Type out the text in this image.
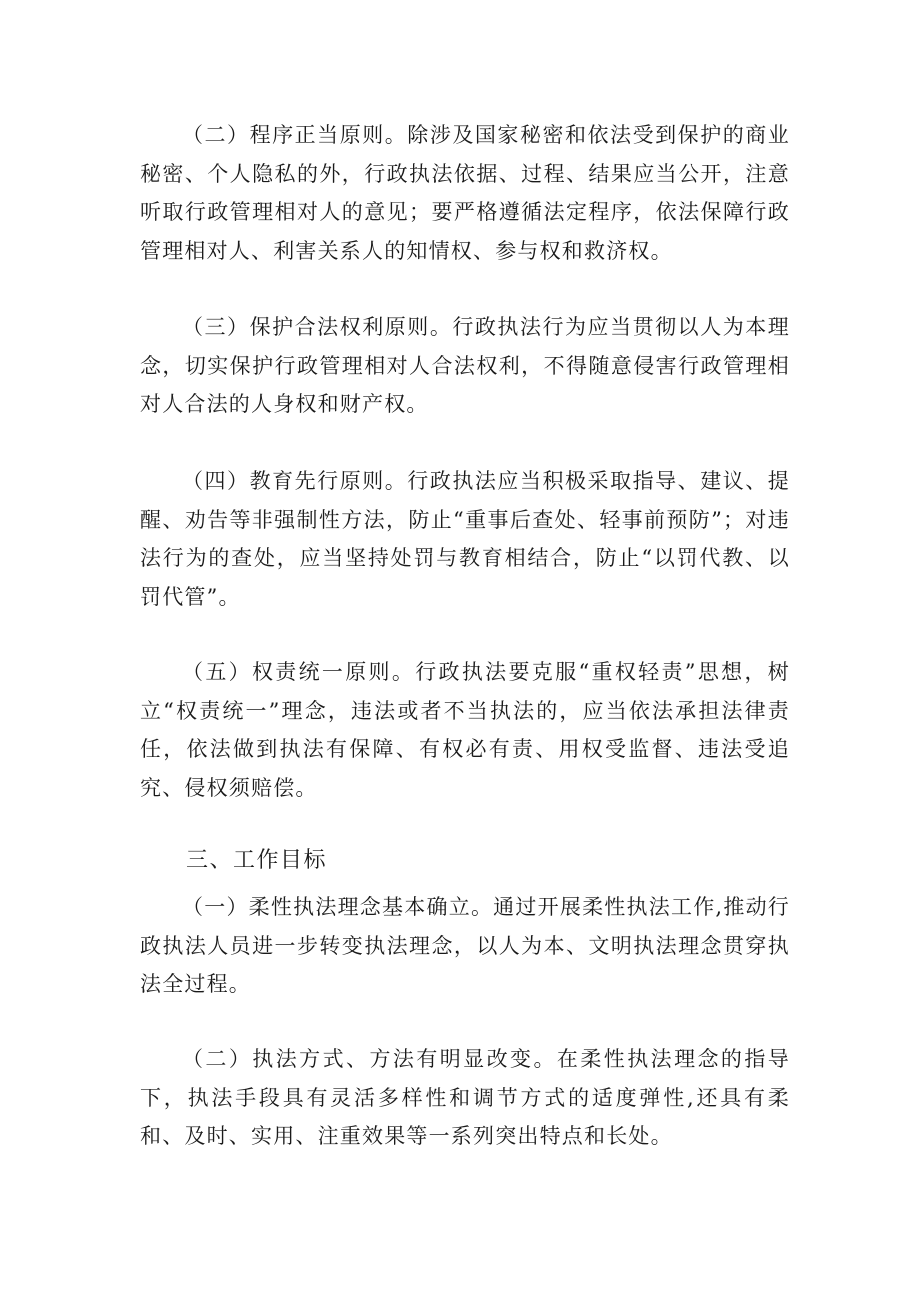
（二）程序正当原则。除涉及国家秘密和依法受到保护的商业秘密、个人隐私的外，行政执法依据、过程、结果应当公开，注意听取行政管理相对人的意见；要严格遵循法定程序，依法保障行政管理相对人、利害关系人的知情权、参与权和救济权。

（三）保护合法权利原则。行政执法行为应当贯彻以人为本理念，切实保护行政管理相对人合法权利，不得随意侵害行政管理相对人合法的人身权和财产权。

（四）教育先行原则。行政执法应当积极采取指导、建议、提醒、劝告等非强制性方法，防止“重事后查处、轻事前预防”；对违法行为的查处，应当坚持处罚与教育相结合，防止“以罚代教、以罚代管”。

（五）权责统一原则。行政执法要克服“重权轻责”思想，树立“权责统一”理念，违法或者不当执法的，应当依法承担法律责任，依法做到执法有保障、有权必有责、用权受监督、违法受追究、侵权须赔偿。

三、工作目标

（一）柔性执法理念基本确立。通过开展柔性执法工作,推动行政执法人员进一步转变执法理念，以人为本、文明执法理念贯穿执法全过程。

（二）执法方式、方法有明显改变。在柔性执法理念的指导下，执法手段具有灵活多样性和调节方式的适度弹性,还具有柔和、及时、实用、注重效果等一系列突出特点和长处。
